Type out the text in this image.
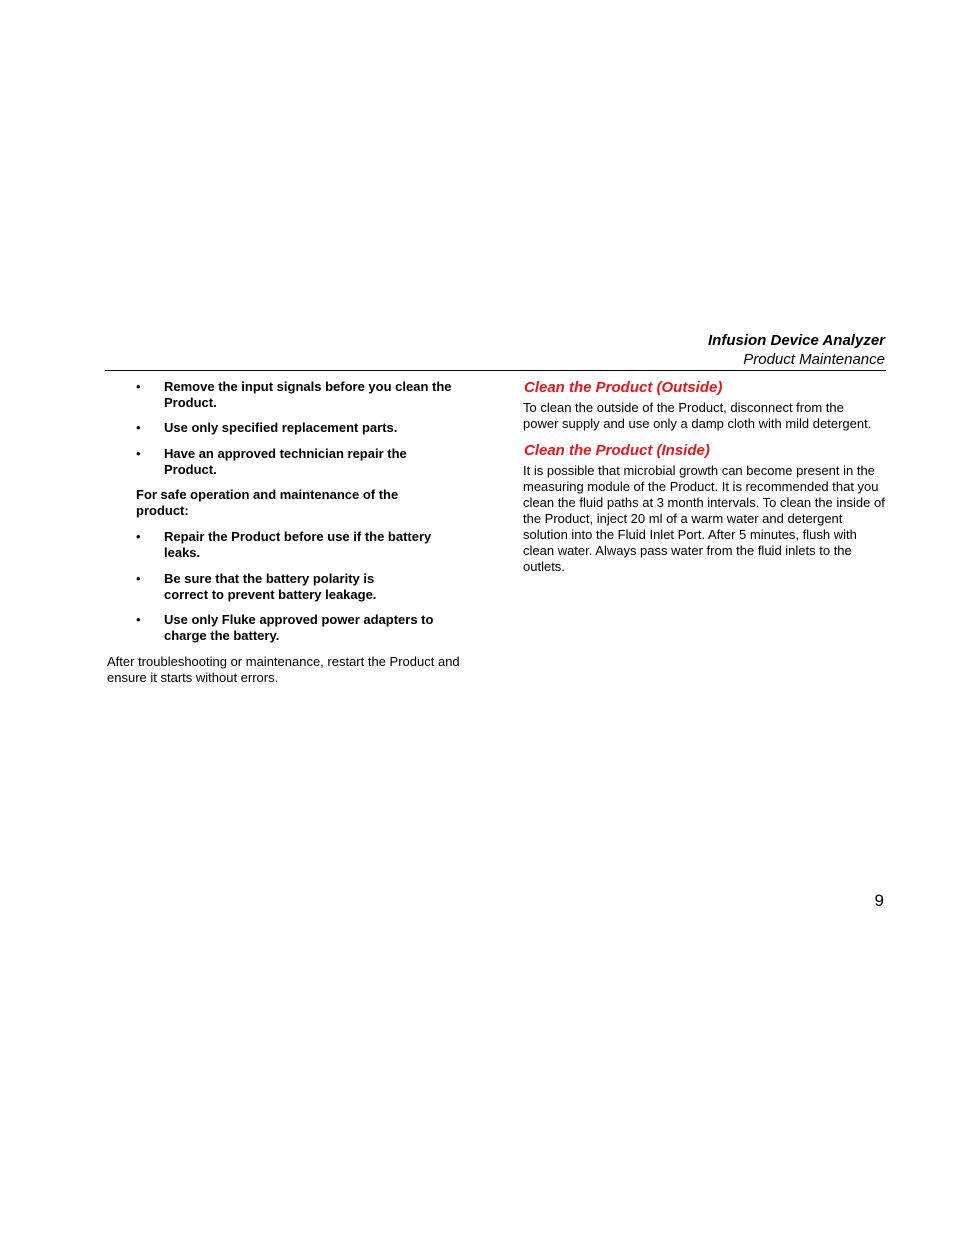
Infusion Device Analyzer
Product Maintenance
• Remove the input signals before you clean the Product.
• Use only specified replacement parts.
• Have an approved technician repair the Product.
For safe operation and maintenance of the product:
• Repair the Product before use if the battery leaks.
• Be sure that the battery polarity is correct to prevent battery leakage.
• Use only Fluke approved power adapters to charge the battery.
After troubleshooting or maintenance, restart the Product and ensure it starts without errors.
Clean the Product (Outside)
To clean the outside of the Product, disconnect from the power supply and use only a damp cloth with mild detergent.
Clean the Product (Inside)
It is possible that microbial growth can become present in the measuring module of the Product. It is recommended that you clean the fluid paths at 3 month intervals. To clean the inside of the Product, inject 20 ml of a warm water and detergent solution into the Fluid Inlet Port. After 5 minutes, flush with clean water. Always pass water from the fluid inlets to the outlets.
9
